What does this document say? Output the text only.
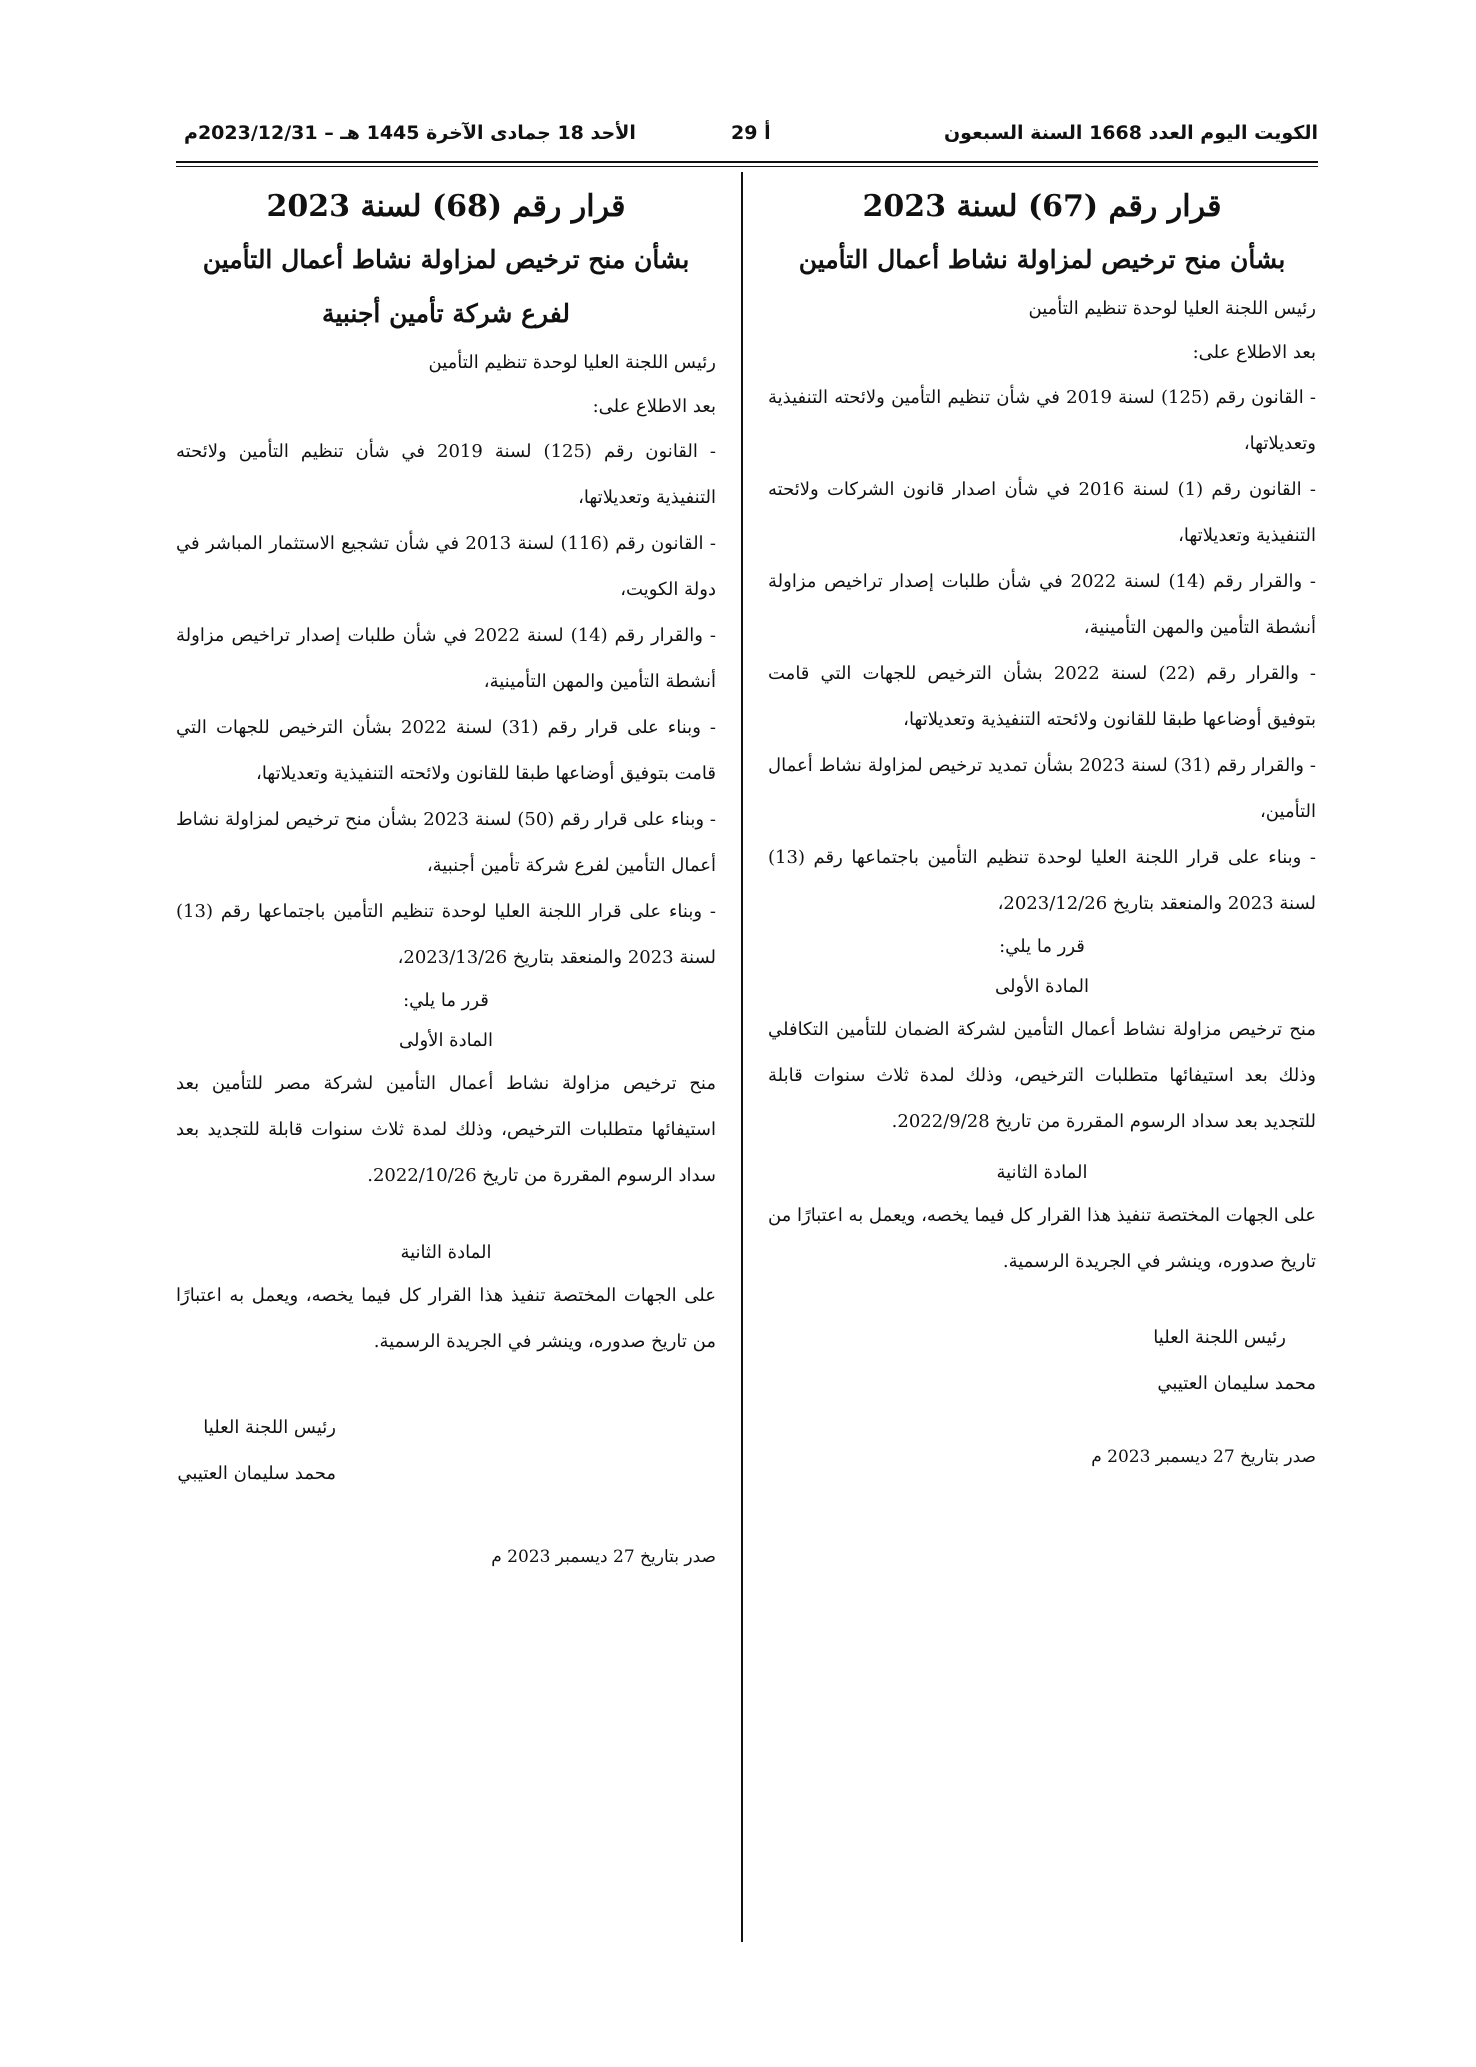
الكويت اليوم العدد 1668 السنة السبعون
أ 29
الأحد 18 جمادى الآخرة 1445 هـ – 2023/12/31م
قرار رقم (67) لسنة 2023
بشأن منح ترخيص لمزاولة نشاط أعمال التأمين

رئيس اللجنة العليا لوحدة تنظيم التأمين

بعد الاطلاع على:

- القانون رقم (125) لسنة 2019 في شأن تنظيم التأمين ولائحته التنفيذية وتعديلاتها،

- القانون رقم (1) لسنة 2016 في شأن اصدار قانون الشركات ولائحته التنفيذية وتعديلاتها،

- والقرار رقم (14) لسنة 2022 في شأن طلبات إصدار تراخيص مزاولة أنشطة التأمين والمهن التأمينية،

- والقرار رقم (22) لسنة 2022 بشأن الترخيص للجهات التي قامت بتوفيق أوضاعها طبقا للقانون ولائحته التنفيذية وتعديلاتها،

- والقرار رقم (31) لسنة 2023 بشأن تمديد ترخيص لمزاولة نشاط أعمال التأمين،

- وبناء على قرار اللجنة العليا لوحدة تنظيم التأمين باجتماعها رقم (13) لسنة 2023 والمنعقد بتاريخ 2023/12/26،

قرر ما يلي:

المادة الأولى

منح ترخيص مزاولة نشاط أعمال التأمين لشركة الضمان للتأمين التكافلي وذلك بعد استيفائها متطلبات الترخيص، وذلك لمدة ثلاث سنوات قابلة للتجديد بعد سداد الرسوم المقررة من تاريخ 2022/9/28.

المادة الثانية

على الجهات المختصة تنفيذ هذا القرار كل فيما يخصه، ويعمل به اعتبارًا من تاريخ صدوره، وينشر في الجريدة الرسمية.

رئيس اللجنة العليا

محمد سليمان العتيبي

صدر بتاريخ 27 ديسمبر 2023 م

قرار رقم (68) لسنة 2023
بشأن منح ترخيص لمزاولة نشاط أعمال التأمين
لفرع شركة تأمين أجنبية

رئيس اللجنة العليا لوحدة تنظيم التأمين

بعد الاطلاع على:

- القانون رقم (125) لسنة 2019 في شأن تنظيم التأمين ولائحته التنفيذية وتعديلاتها،

- القانون رقم (116) لسنة 2013 في شأن تشجيع الاستثمار المباشر في دولة الكويت،

- والقرار رقم (14) لسنة 2022 في شأن طلبات إصدار تراخيص مزاولة أنشطة التأمين والمهن التأمينية،

- وبناء على قرار رقم (31) لسنة 2022 بشأن الترخيص للجهات التي قامت بتوفيق أوضاعها طبقا للقانون ولائحته التنفيذية وتعديلاتها،

- وبناء على قرار رقم (50) لسنة 2023 بشأن منح ترخيص لمزاولة نشاط أعمال التأمين لفرع شركة تأمين أجنبية،

- وبناء على قرار اللجنة العليا لوحدة تنظيم التأمين باجتماعها رقم (13) لسنة 2023 والمنعقد بتاريخ 2023/13/26،

قرر ما يلي:

المادة الأولى

منح ترخيص مزاولة نشاط أعمال التأمين لشركة مصر للتأمين بعد استيفائها متطلبات الترخيص، وذلك لمدة ثلاث سنوات قابلة للتجديد بعد سداد الرسوم المقررة من تاريخ 2022/10/26.

المادة الثانية

على الجهات المختصة تنفيذ هذا القرار كل فيما يخصه، ويعمل به اعتبارًا من تاريخ صدوره، وينشر في الجريدة الرسمية.

رئيس اللجنة العليا

محمد سليمان العتيبي

صدر بتاريخ 27 ديسمبر 2023 م
